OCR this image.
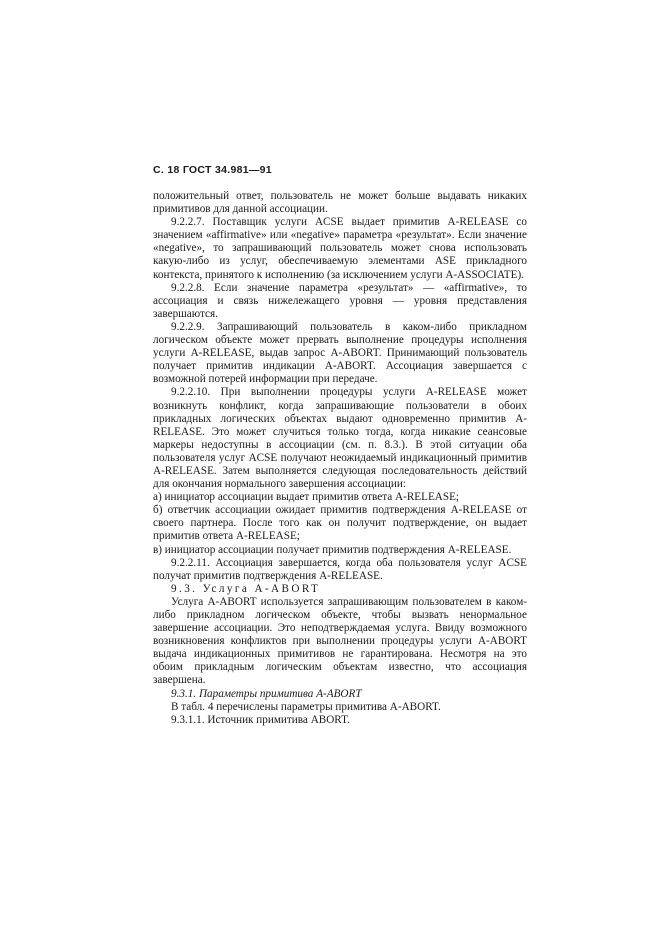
С. 18 ГОСТ 34.981—91

положительный ответ, пользователь не может больше выдавать никаких примитивов для данной ассоциации.

9.2.2.7. Поставщик услуги ACSE выдает примитив A-RELEASE со значением «affirmative» или «negative» параметра «результат». Если значение «negative», то запрашивающий пользователь может снова использовать какую-либо из услуг, обеспечиваемую элементами ASE прикладного контекста, принятого к исполнению (за исключением услуги A-ASSOCIATE).

9.2.2.8. Если значение параметра «результат» — «affirmative», то ассоциация и связь нижележащего уровня — уровня представления завершаются.

9.2.2.9. Запрашивающий пользователь в каком-либо прикладном логическом объекте может прервать выполнение процедуры исполнения услуги A-RELEASE, выдав запрос A-ABORT. Принимающий пользователь получает примитив индикации A-ABORT. Ассоциация завершается с возможной потерей информации при передаче.

9.2.2.10. При выполнении процедуры услуги A-RELEASE может возникнуть конфликт, когда запрашивающие пользователи в обоих прикладных логических объектах выдают одновременно примитив A-RELEASE. Это может случиться только тогда, когда никакие сеансовые маркеры недоступны в ассоциации (см. п. 8.3.). В этой ситуации оба пользователя услуг ACSE получают неожидаемый индикационный примитив A-RELEASE. Затем выполняется следующая последовательность действий для окончания нормального завершения ассоциации:

а) инициатор ассоциации выдает примитив ответа A-RELEASE;

б) ответчик ассоциации ожидает примитив подтверждения A-RELEASE от своего партнера. После того как он получит подтверждение, он выдает примитив ответа A-RELEASE;

в) инициатор ассоциации получает примитив подтверждения A-RELEASE.

9.2.2.11. Ассоциация завершается, когда оба пользователя услуг ACSE получат примитив подтверждения A-RELEASE.

9.3. Услуга A-ABORT

Услуга A-ABORT используется запрашивающим пользователем в каком-либо прикладном логическом объекте, чтобы вызвать ненормальное завершение ассоциации. Это неподтверждаемая услуга. Ввиду возможного возникновения конфликтов при выполнении процедуры услуги A-ABORT выдача индикационных примитивов не гарантирована. Несмотря на это обоим прикладным логическим объектам известно, что ассоциация завершена.

9.3.1. Параметры примитива A-ABORT

В табл. 4 перечислены параметры примитива A-ABORT.

9.3.1.1. Источник примитива ABORT.
